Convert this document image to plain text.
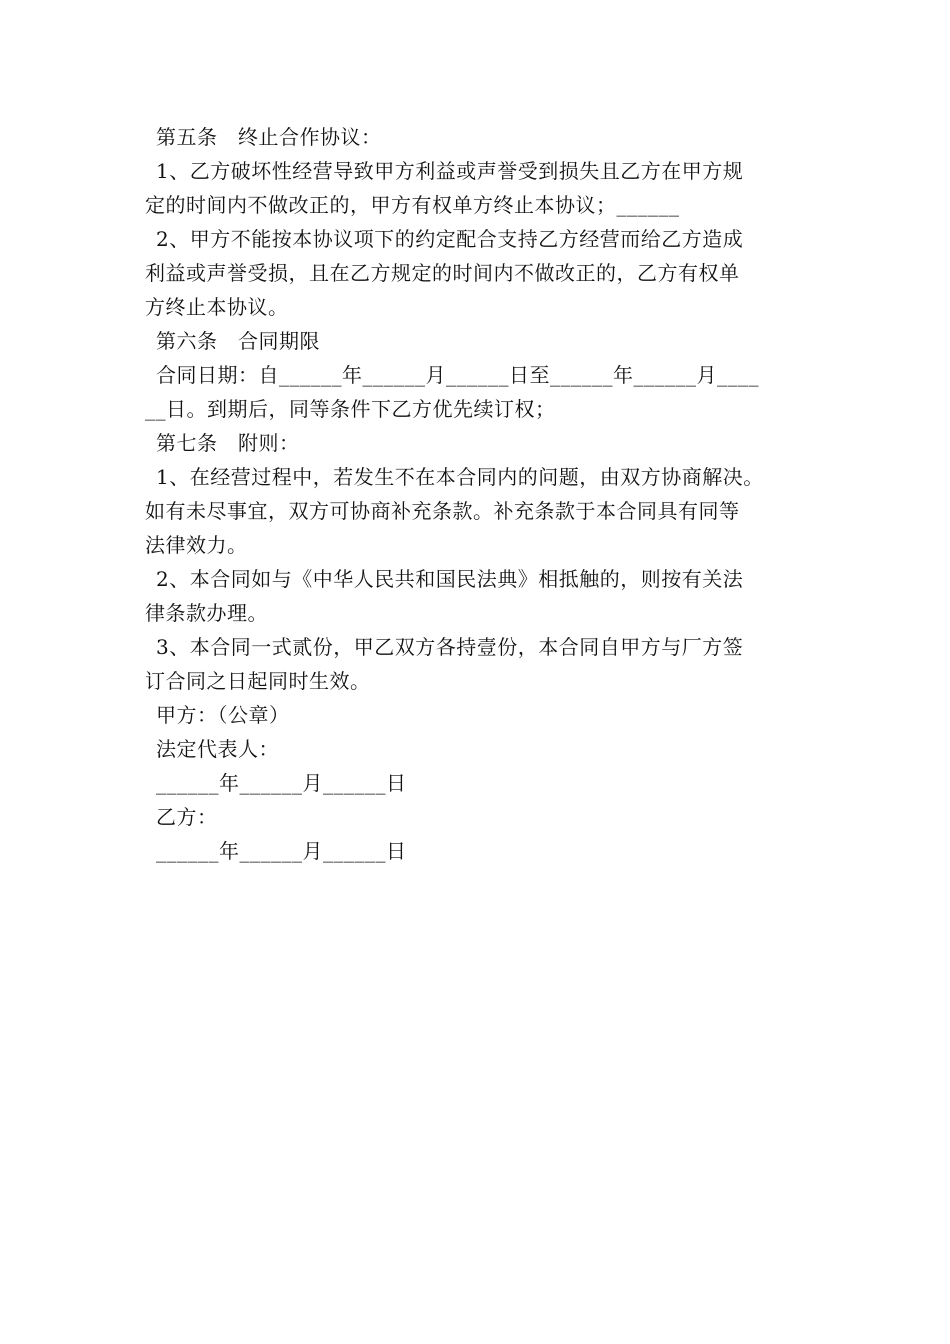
第五条　终止合作协议：
1、乙方破坏性经营导致甲方利益或声誉受到损失且乙方在甲方规
定的时间内不做改正的，甲方有权单方终止本协议；______
2、甲方不能按本协议项下的约定配合支持乙方经营而给乙方造成
利益或声誉受损，且在乙方规定的时间内不做改正的，乙方有权单
方终止本协议。
第六条　合同期限
合同日期：自______年______月______日至______年______月____
__日。到期后，同等条件下乙方优先续订权；
第七条　附则：
1、在经营过程中，若发生不在本合同内的问题，由双方协商解决。
如有未尽事宜，双方可协商补充条款。补充条款于本合同具有同等
法律效力。
2、本合同如与《中华人民共和国民法典》相抵触的，则按有关法
律条款办理。
3、本合同一式贰份，甲乙双方各持壹份，本合同自甲方与厂方签
订合同之日起同时生效。
甲方：（公章）
法定代表人：
______年______月______日
乙方：
______年______月______日
